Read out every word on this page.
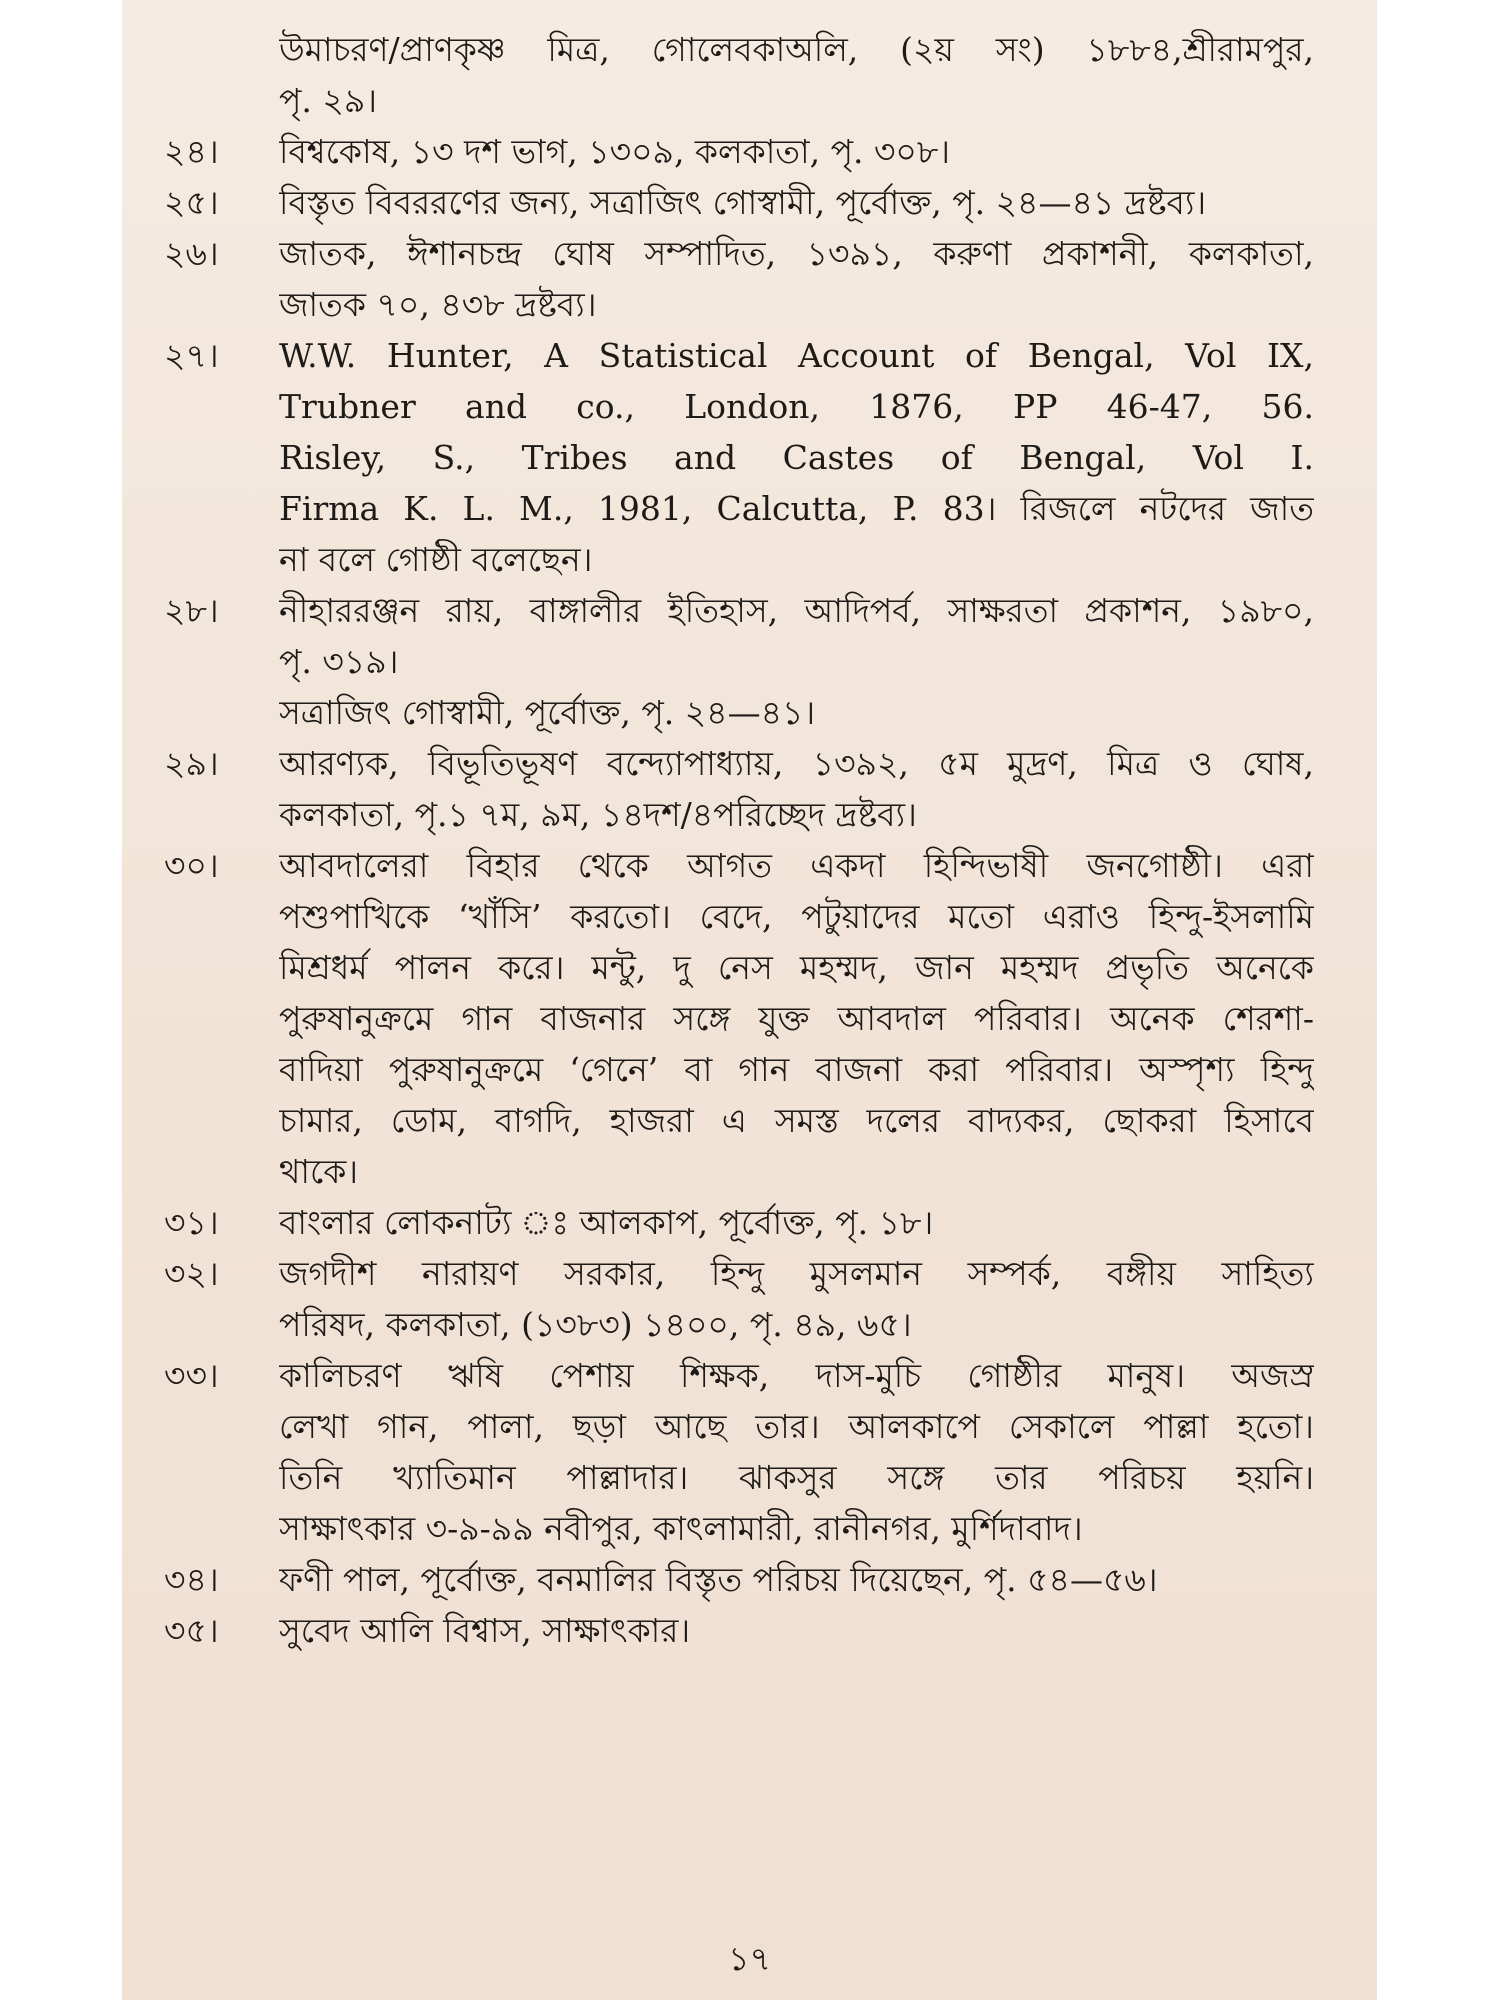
উমাচরণ/প্রাণকৃষ্ণ মিত্র, গোলেবকাঅলি, (২য় সং) ১৮৮৪,শ্রীরামপুর,
পৃ. ২৯।
২৪।	বিশ্বকোষ, ১৩ দশ ভাগ, ১৩০৯, কলকাতা, পৃ. ৩০৮।
২৫।	বিস্তৃত বিবররণের জন্য, সত্রাজিৎ গোস্বামী, পূর্বোক্ত, পৃ. ২৪—৪১ দ্রষ্টব্য।
২৬।	জাতক, ঈশানচন্দ্র ঘোষ সম্পাদিত, ১৩৯১, করুণা প্রকাশনী, কলকাতা,
জাতক ৭০, ৪৩৮ দ্রষ্টব্য।
২৭।	W.W. Hunter, A Statistical Account of Bengal, Vol IX,
Trubner and co., London, 1876, PP 46-47, 56.
Risley, S., Tribes and Castes of Bengal, Vol I.
Firma K. L. M., 1981, Calcutta, P. 83। রিজলে নটদের জাত
না বলে গোষ্ঠী বলেছেন।
২৮।	নীহাররঞ্জন রায়, বাঙ্গালীর ইতিহাস, আদিপর্ব, সাক্ষরতা প্রকাশন, ১৯৮০,
পৃ. ৩১৯।
সত্রাজিৎ গোস্বামী, পূর্বোক্ত, পৃ. ২৪—৪১।
২৯।	আরণ্যক, বিভূতিভূষণ বন্দ্যোপাধ্যায়, ১৩৯২, ৫ম মুদ্রণ, মিত্র ও ঘোষ,
কলকাতা, পৃ.১ ৭ম, ৯ম, ১৪দশ/৪পরিচ্ছেদ দ্রষ্টব্য।
৩০।	আবদালেরা বিহার থেকে আগত একদা হিন্দিভাষী জনগোষ্ঠী। এরা
পশুপাখিকে ‘খাঁসি’ করতো। বেদে, পটুয়াদের মতো এরাও হিন্দু-ইসলামি
মিশ্রধর্ম পালন করে। মন্টু, দু নেস মহম্মদ, জান মহম্মদ প্রভৃতি অনেকে
পুরুষানুক্রমে গান বাজনার সঙ্গে যুক্ত আবদাল পরিবার। অনেক শেরশা-
বাদিয়া পুরুষানুক্রমে ‘গেনে’ বা গান বাজনা করা পরিবার। অস্পৃশ্য হিন্দু
চামার, ডোম, বাগদি, হাজরা এ সমস্ত দলের বাদ্যকর, ছোকরা হিসাবে
থাকে।
৩১।	বাংলার লোকনাট্য ঃ আলকাপ, পূর্বোক্ত, পৃ. ১৮।
৩২।	জগদীশ নারায়ণ সরকার, হিন্দু মুসলমান সম্পর্ক, বঙ্গীয় সাহিত্য
পরিষদ, কলকাতা, (১৩৮৩) ১৪০০, পৃ. ৪৯, ৬৫।
৩৩।	কালিচরণ ঋষি পেশায় শিক্ষক, দাস-মুচি গোষ্ঠীর মানুষ। অজস্র
লেখা গান, পালা, ছড়া আছে তার। আলকাপে সেকালে পাল্লা হতো।
তিনি খ্যাতিমান পাল্লাদার। ঝাকসুর সঙ্গে তার পরিচয় হয়নি।
সাক্ষাৎকার ৩-৯-৯৯ নবীপুর, কাৎলামারী, রানীনগর, মুর্শিদাবাদ।
৩৪।	ফণী পাল, পূর্বোক্ত, বনমালির বিস্তৃত পরিচয় দিয়েছেন, পৃ. ৫৪—৫৬।
৩৫।	সুবেদ আলি বিশ্বাস, সাক্ষাৎকার।
১৭
